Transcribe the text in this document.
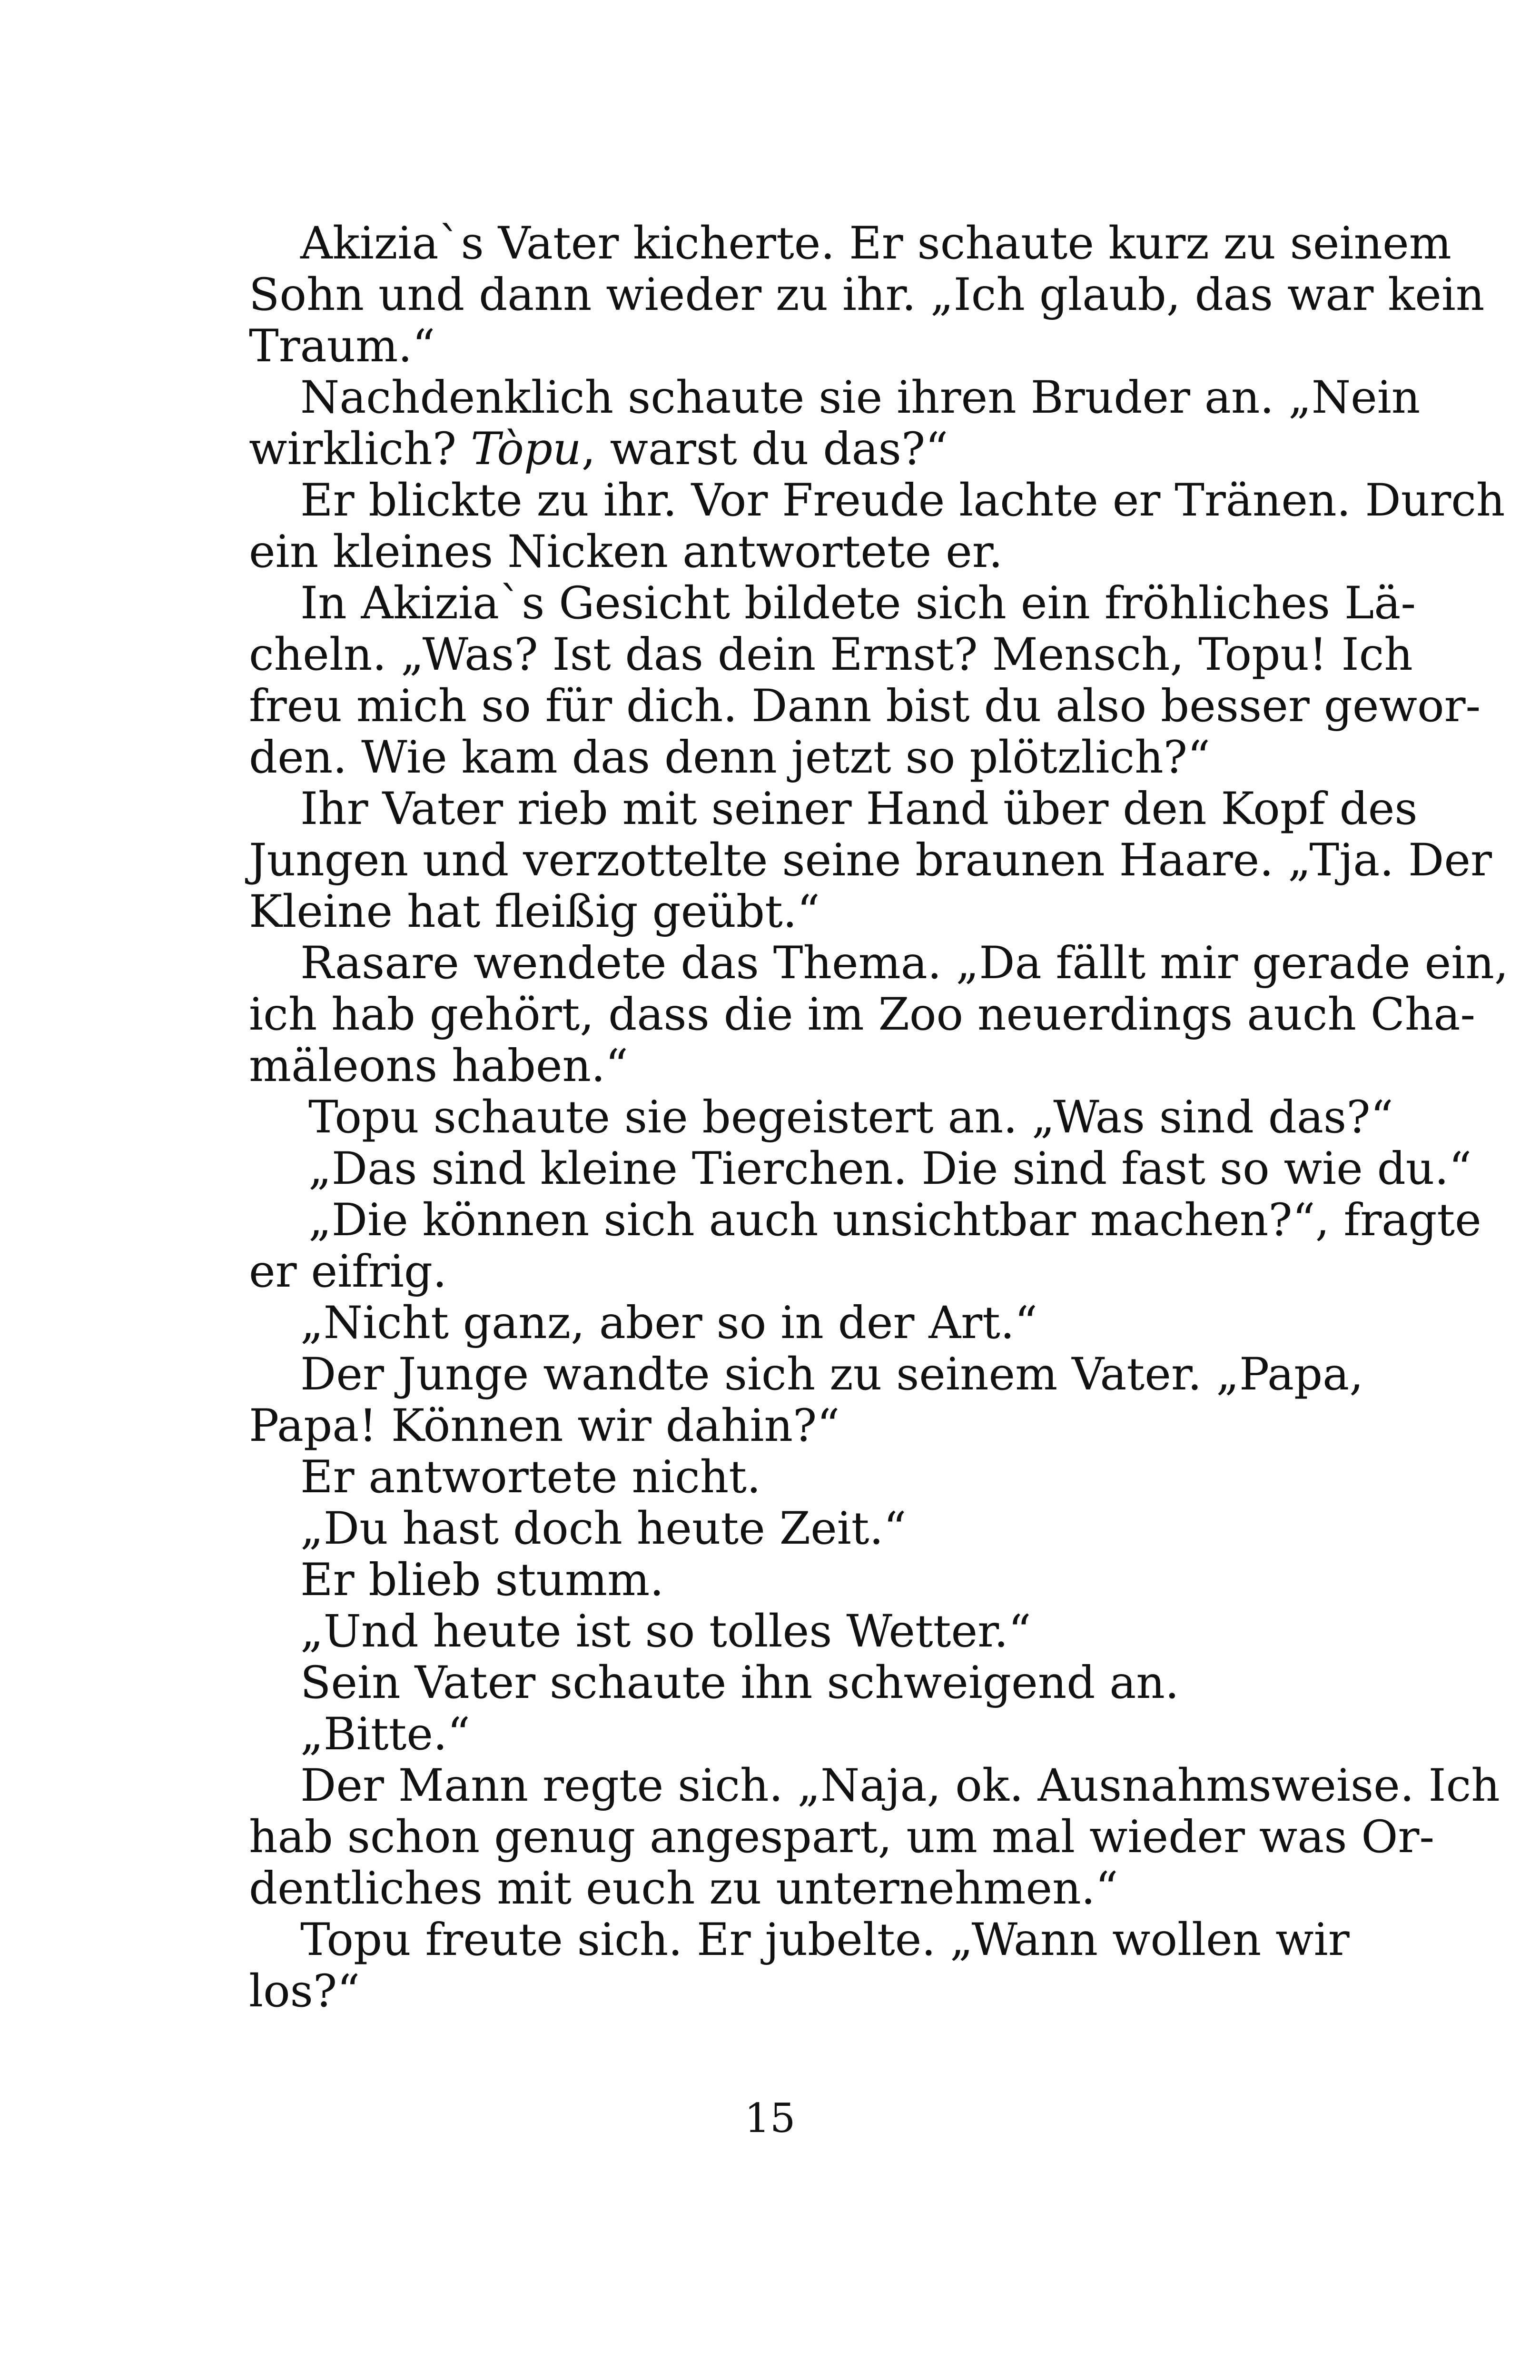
Akizia`s Vater kicherte. Er schaute kurz zu seinem
Sohn und dann wieder zu ihr. „Ich glaub, das war kein
Traum.“
Nachdenklich schaute sie ihren Bruder an. „Nein
wirklich? Tòpu, warst du das?“
Er blickte zu ihr. Vor Freude lachte er Tränen. Durch
ein kleines Nicken antwortete er.
In Akizia`s Gesicht bildete sich ein fröhliches Lä-
cheln. „Was? Ist das dein Ernst? Mensch, Topu! Ich
freu mich so für dich. Dann bist du also besser gewor-
den. Wie kam das denn jetzt so plötzlich?“
Ihr Vater rieb mit seiner Hand über den Kopf des
Jungen und verzottelte seine braunen Haare. „Tja. Der
Kleine hat fleißig geübt.“
Rasare wendete das Thema. „Da fällt mir gerade ein,
ich hab gehört, dass die im Zoo neuerdings auch Cha-
mäleons haben.“
Topu schaute sie begeistert an. „Was sind das?“
„Das sind kleine Tierchen. Die sind fast so wie du.“
„Die können sich auch unsichtbar machen?“, fragte
er eifrig.
„Nicht ganz, aber so in der Art.“
Der Junge wandte sich zu seinem Vater. „Papa,
Papa! Können wir dahin?“
Er antwortete nicht.
„Du hast doch heute Zeit.“
Er blieb stumm.
„Und heute ist so tolles Wetter.“
Sein Vater schaute ihn schweigend an.
„Bitte.“
Der Mann regte sich. „Naja, ok. Ausnahmsweise. Ich
hab schon genug angespart, um mal wieder was Or-
dentliches mit euch zu unternehmen.“
Topu freute sich. Er jubelte. „Wann wollen wir
los?“
15
